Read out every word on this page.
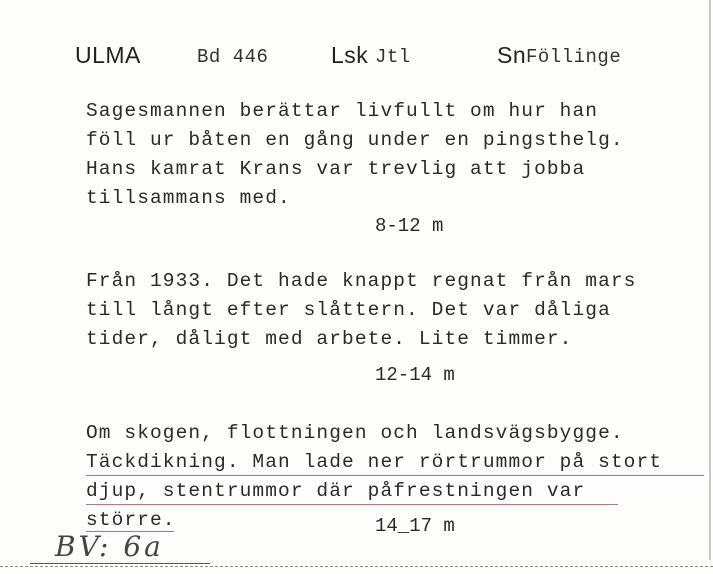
ULMA	Bd 446	Lsk Jtl	Sn Föllinge
Sagesmannen berättar livfullt om hur han
föll ur båten en gång under en pingsthelg.
Hans kamrat Krans var trevlig att jobba
tillsammans med.
8-12 m
Från 1933. Det hade knappt regnat från mars
till långt efter slåttern. Det var dåliga
tider, dåligt med arbete. Lite timmer.
12-14 m
Om skogen, flottningen och landsvägsbygge.
Täckdikning. Man lade ner rörtrummor på stort
djup, stentrummor där påfrestningen var
större.	14_17 m
BV: 6a
